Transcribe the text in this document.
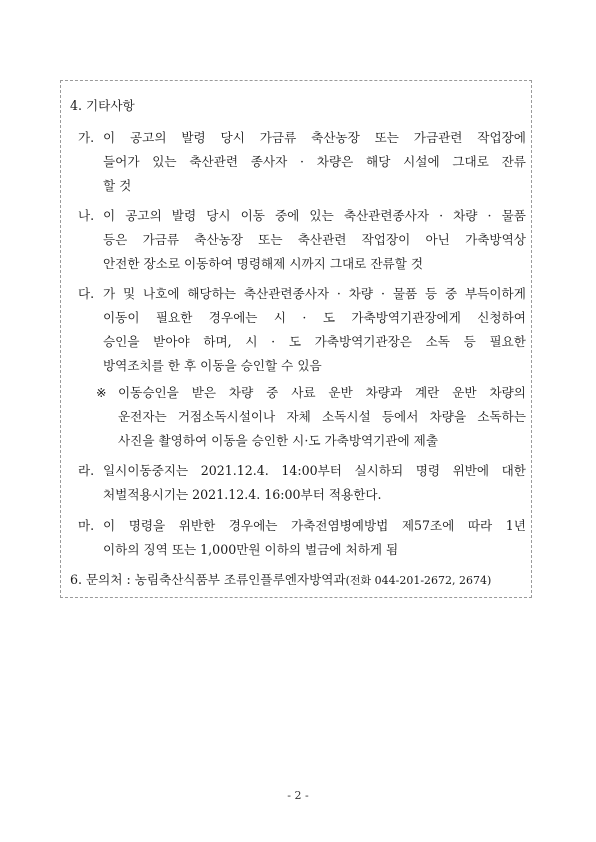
4. 기타사항
가. 이 공고의 발령 당시 가금류 축산농장 또는 가금관련 작업장에
들어가 있는 축산관련 종사자 · 차량은 해당 시설에 그대로 잔류
할 것
나. 이 공고의 발령 당시 이동 중에 있는 축산관련종사자 · 차량 · 물품
등은 가금류 축산농장 또는 축산관련 작업장이 아닌 가축방역상
안전한 장소로 이동하여 명령해제 시까지 그대로 잔류할 것
다. 가 및 나호에 해당하는 축산관련종사자 · 차량 · 물품 등 중 부득이하게
이동이 필요한 경우에는 시 · 도 가축방역기관장에게 신청하여
승인을 받아야 하며, 시 · 도 가축방역기관장은 소독 등 필요한
방역조치를 한 후 이동을 승인할 수 있음
※ 이동승인을 받은 차량 중 사료 운반 차량과 계란 운반 차량의
운전자는 거점소독시설이나 자체 소독시설 등에서 차량을 소독하는
사진을 촬영하여 이동을 승인한 시·도 가축방역기관에 제출
라. 일시이동중지는 2021.12.4. 14:00부터 실시하되 명령 위반에 대한
처벌적용시기는 2021.12.4. 16:00부터 적용한다.
마. 이 명령을 위반한 경우에는 가축전염병예방법 제57조에 따라 1년
이하의 징역 또는 1,000만원 이하의 벌금에 처하게 됨
6. 문의처 : 농림축산식품부 조류인플루엔자방역과(전화 044-201-2672, 2674)
- 2 -
